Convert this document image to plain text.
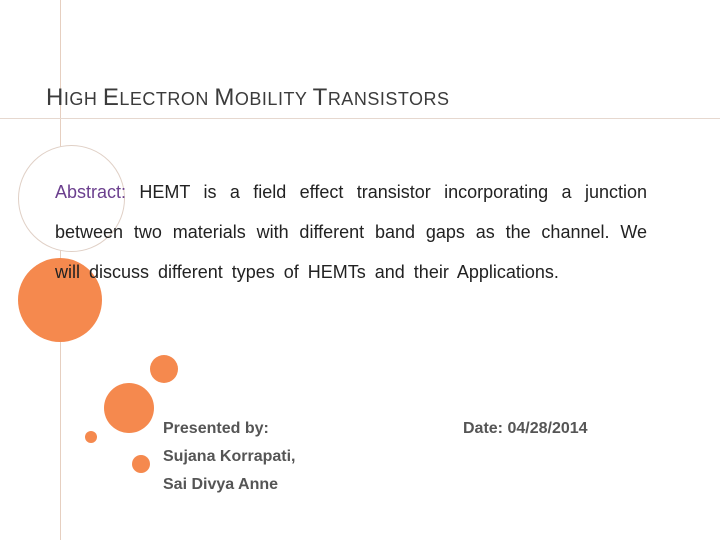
HIGH ELECTRON MOBILITY TRANSISTORS
Abstract: HEMT is a field effect transistor incorporating a junction between two materials with different band gaps as the channel. We will discuss different types of HEMTs and their Applications.
Presented by:
Sujana Korrapati,
Sai Divya Anne
Date: 04/28/2014
